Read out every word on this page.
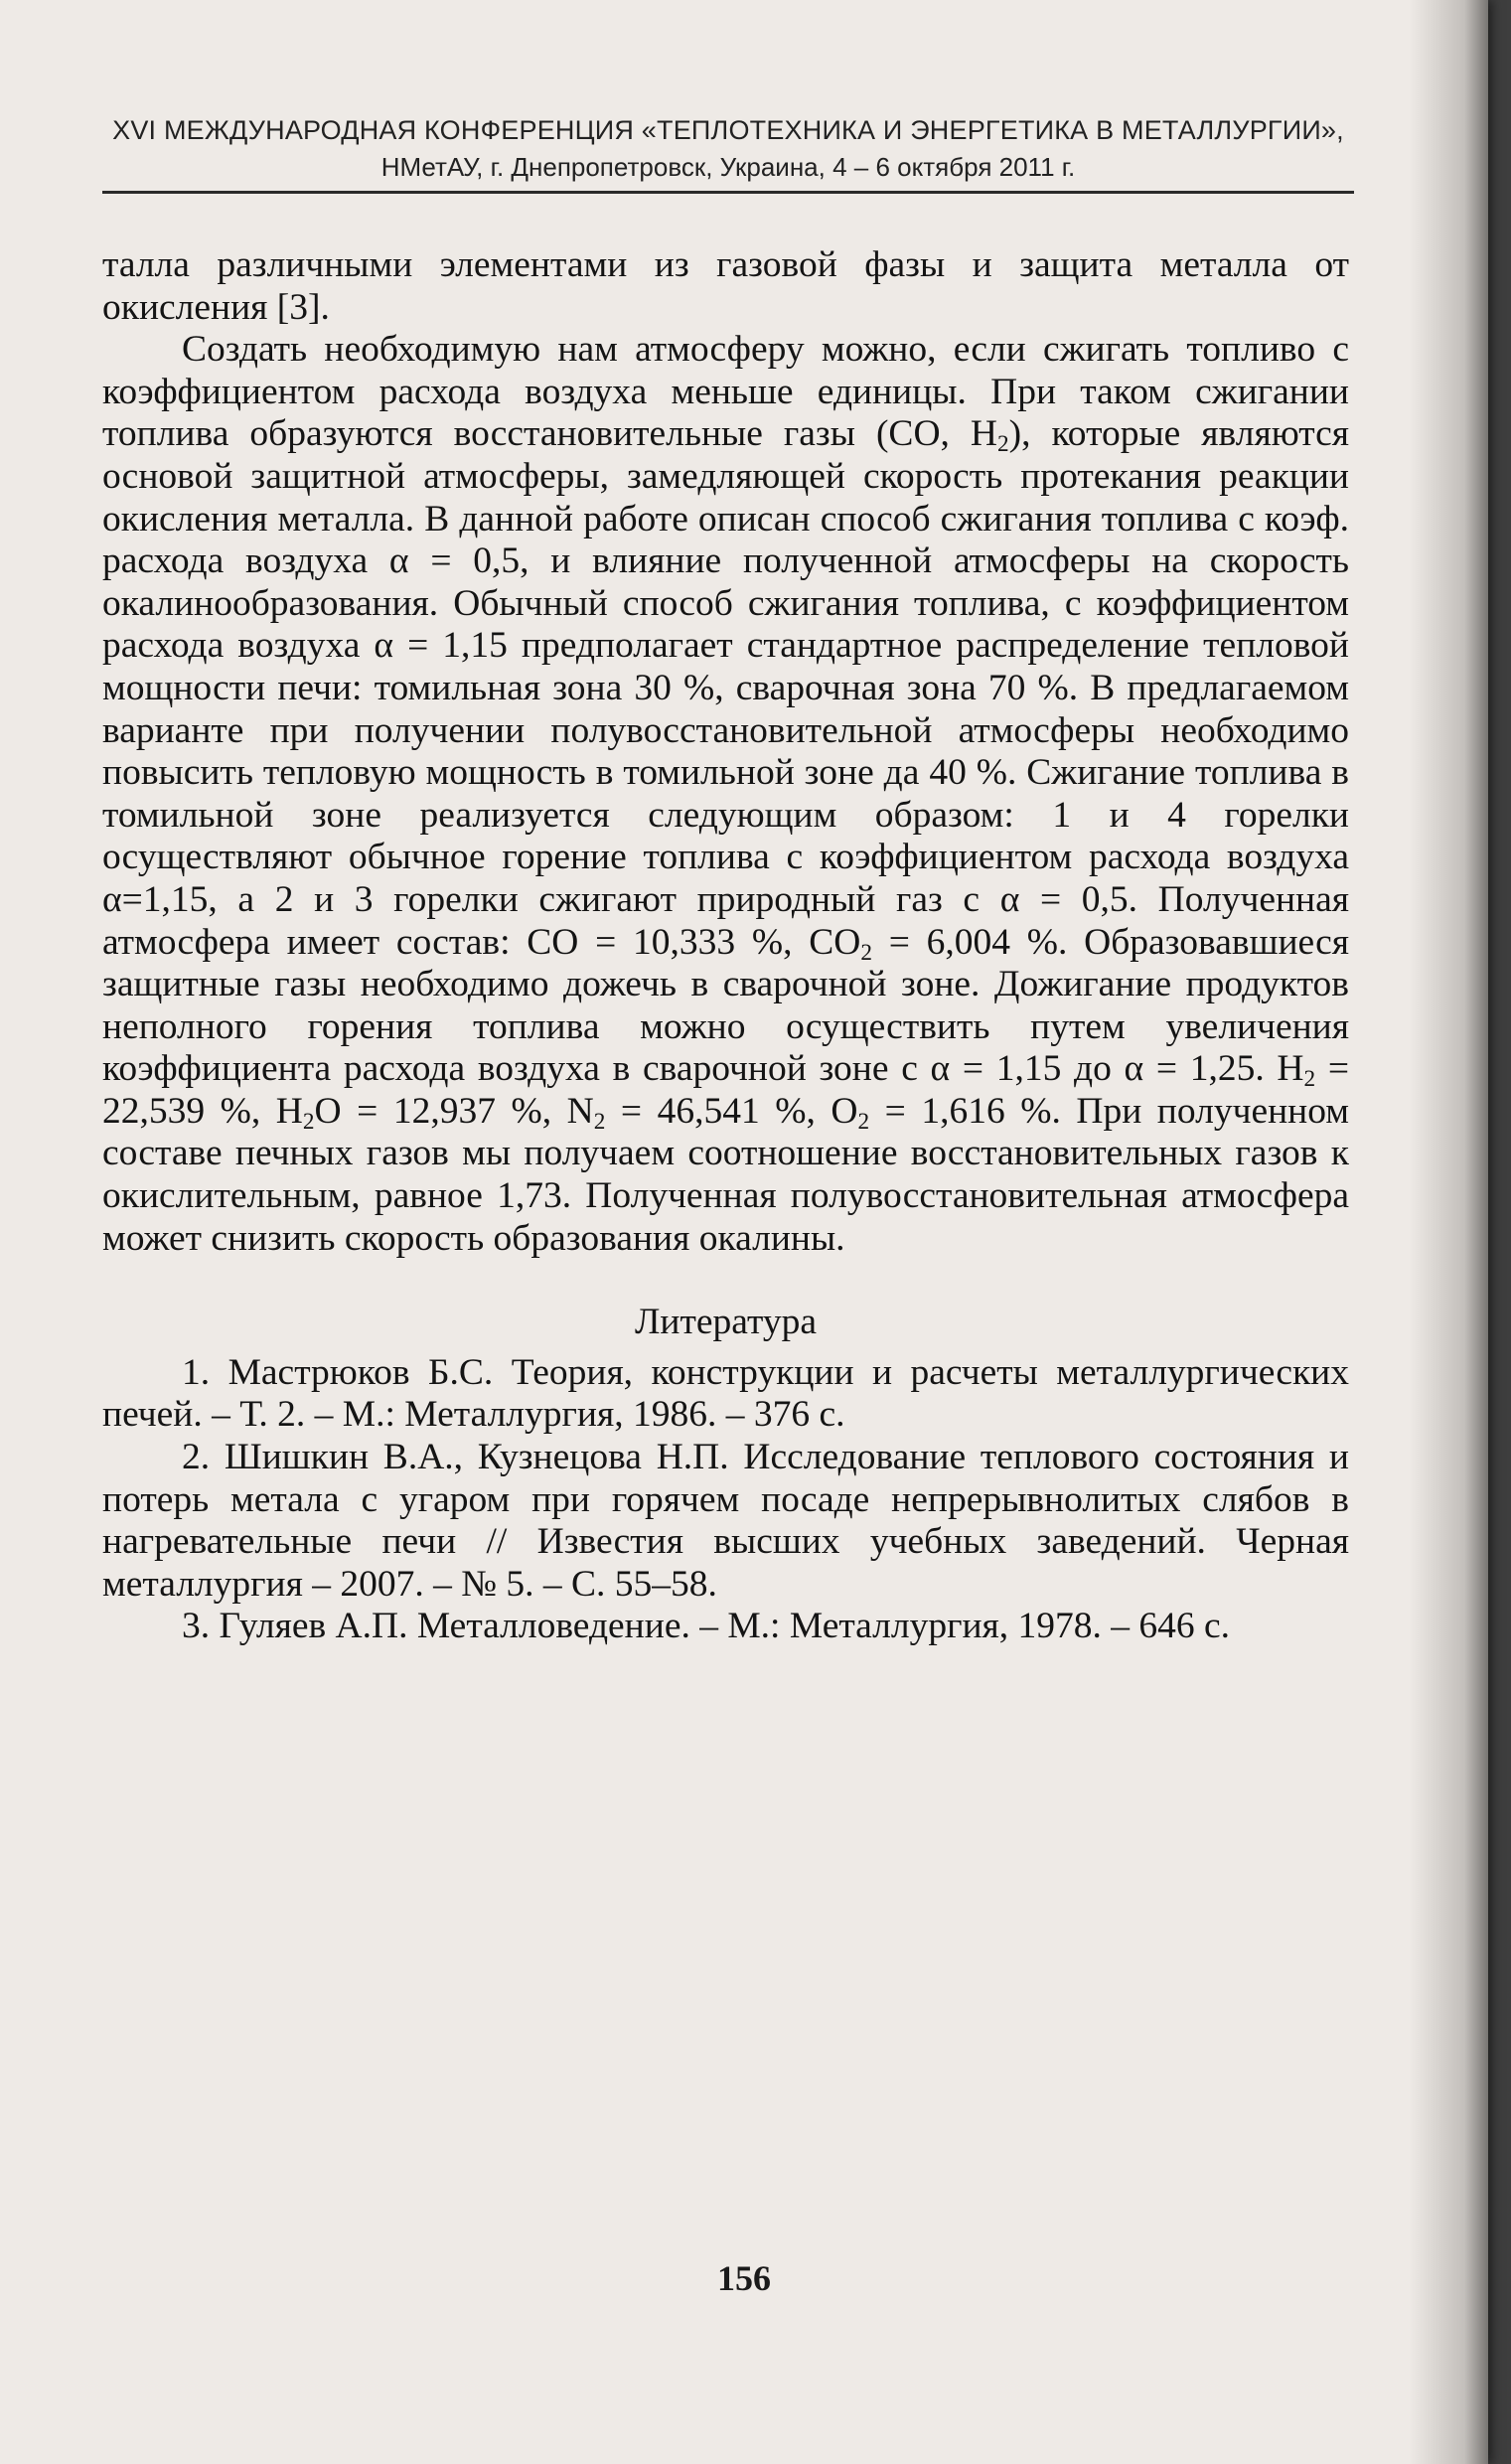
XVI МЕЖДУНАРОДНАЯ КОНФЕРЕНЦИЯ «ТЕПЛОТЕХНИКА И ЭНЕРГЕТИКА В МЕТАЛЛУРГИИ»,
НМетАУ, г. Днепропетровск, Украина, 4 – 6 октября 2011 г.

талла различными элементами из газовой фазы и защита металла от окисления [3].

Создать необходимую нам атмосферу можно, если сжигать топливо с коэффициентом расхода воздуха меньше единицы. При таком сжигании топлива образуются восстановительные газы (CO, $H_2$), которые являются основой защитной атмосферы, замедляющей скорость протекания реакции окисления металла. В данной работе описан способ сжигания топлива с коэф. расхода воздуха α = 0,5, и влияние полученной атмосферы на скорость окалинообразования. Обычный способ сжигания топлива, с коэффициентом расхода воздуха α = 1,15 предполагает стандартное распределение тепловой мощности печи: томильная зона 30 %, сварочная зона 70 %. В предлагаемом варианте при получении полувосстановительной атмосферы необходимо повысить тепловую мощность в томильной зоне да 40 %. Сжигание топлива в томильной зоне реализуется следующим образом: 1 и 4 горелки осуществляют обычное горение топлива с коэффициентом расхода воздуха α=1,15, а 2 и 3 горелки сжигают природный газ с α = 0,5. Полученная атмосфера имеет состав: CO = 10,333 %, $CO_2 = 6,004$ %. Образовавшиеся защитные газы необходимо дожечь в сварочной зоне. Дожигание продуктов неполного горения топлива можно осуществить путем увеличения коэффициента расхода воздуха в сварочной зоне с α = 1,15 до α = 1,25. $H_2 = 22,539$ %, $H_2O = 12,937$ %, $N_2 = 46,541$ %, $O_2 = 1,616$ %. При полученном составе печных газов мы получаем соотношение восстановительных газов к окислительным, равное 1,73. Полученная полувосстановительная атмосфера может снизить скорость образования окалины.

Литература

1. Мастрюков Б.С. Теория, конструкции и расчеты металлургических печей. – Т. 2. – М.: Металлургия, 1986. – 376 с.

2. Шишкин В.А., Кузнецова Н.П. Исследование теплового состояния и потерь метала с угаром при горячем посаде непрерывнолитых слябов в нагревательные печи // Известия высших учебных заведений. Черная металлургия – 2007. – № 5. – С. 55–58.

3. Гуляев А.П. Металловедение. – М.: Металлургия, 1978. – 646 с.

156
